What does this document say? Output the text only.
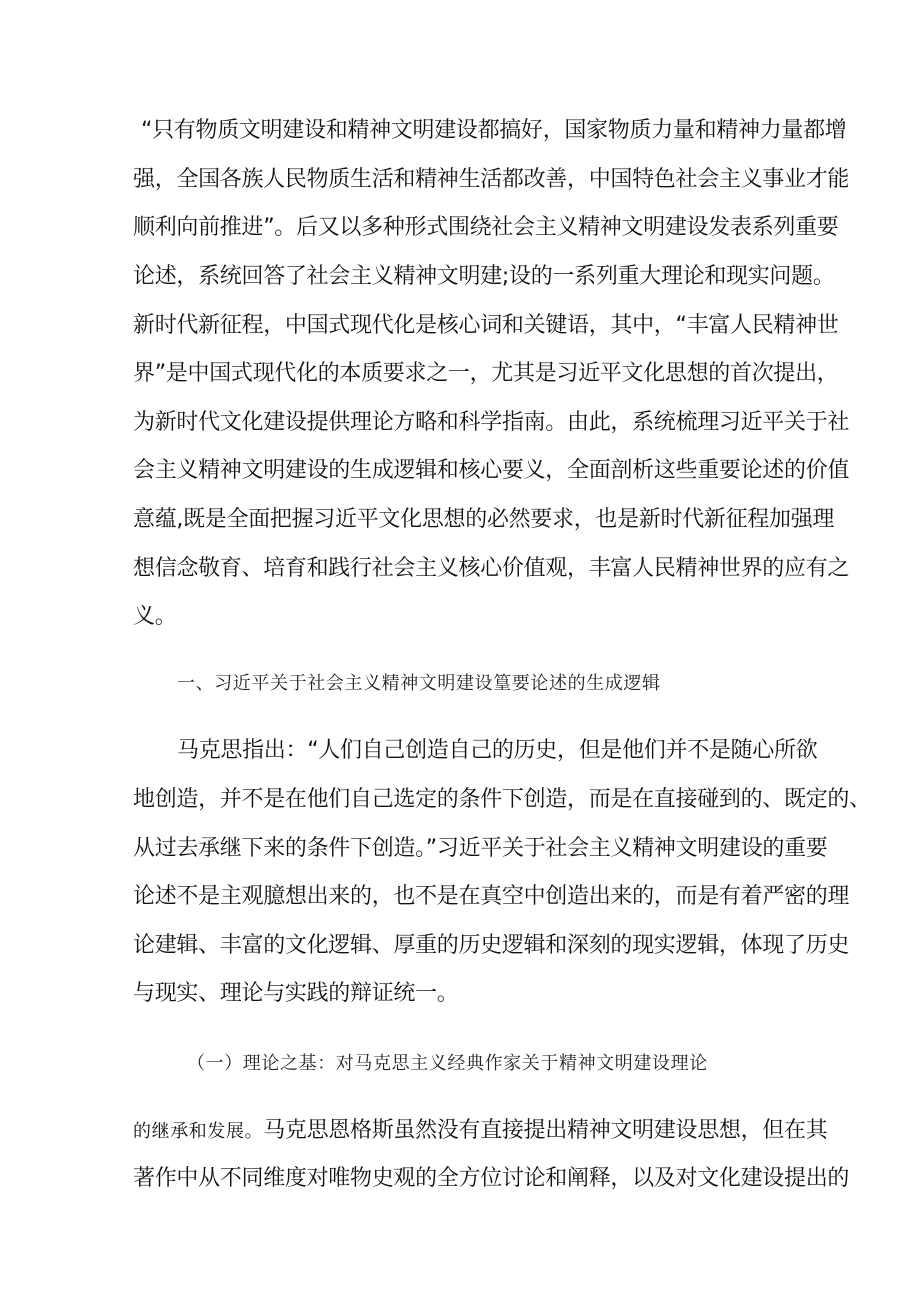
“只有物质文明建设和精神文明建设都搞好，国家物质力量和精神力量都增
强，全国各族人民物质生活和精神生活都改善，中国特色社会主义事业才能
顺利向前推进”。后又以多种形式围绕社会主义精神文明建设发表系列重要
论述，系统回答了社会主义精神文明建;设的一系列重大理论和现实问题。
新时代新征程，中国式现代化是核心词和关键语，其中，“丰富人民精神世
界”是中国式现代化的本质要求之一，尤其是习近平文化思想的首次提出，
为新时代文化建设提供理论方略和科学指南。由此，系统梳理习近平关于社
会主义精神文明建设的生成逻辑和核心要义，全面剖析这些重要论述的价值
意蕴,既是全面把握习近平文化思想的必然要求，也是新时代新征程加强理
想信念敬育、培育和践行社会主义核心价值观，丰富人民精神世界的应有之
义。
一、习近平关于社会主义精神文明建设篁要论述的生成逻辑
马克思指出：“人们自己创造自己的历史，但是他们并不是随心所欲
地创造，并不是在他们自己选定的条件下创造，而是在直接碰到的、既定的、
从过去承继下来的条件下创造。”习近平关于社会主义精神文明建设的重要
论述不是主观臆想出来的，也不是在真空中创造出来的，而是有着严密的理
论建辑、丰富的文化逻辑、厚重的历史逻辑和深刻的现实逻辑，体现了历史
与现实、理论与实践的辩证统一。
（一）理论之基：对马克思主义经典作家关于精神文明建设理论
的继承和发展。马克思恩格斯虽然没有直接提出精神文明建设思想，但在其
著作中从不同维度对唯物史观的全方位讨论和阐释，以及对文化建设提出的
